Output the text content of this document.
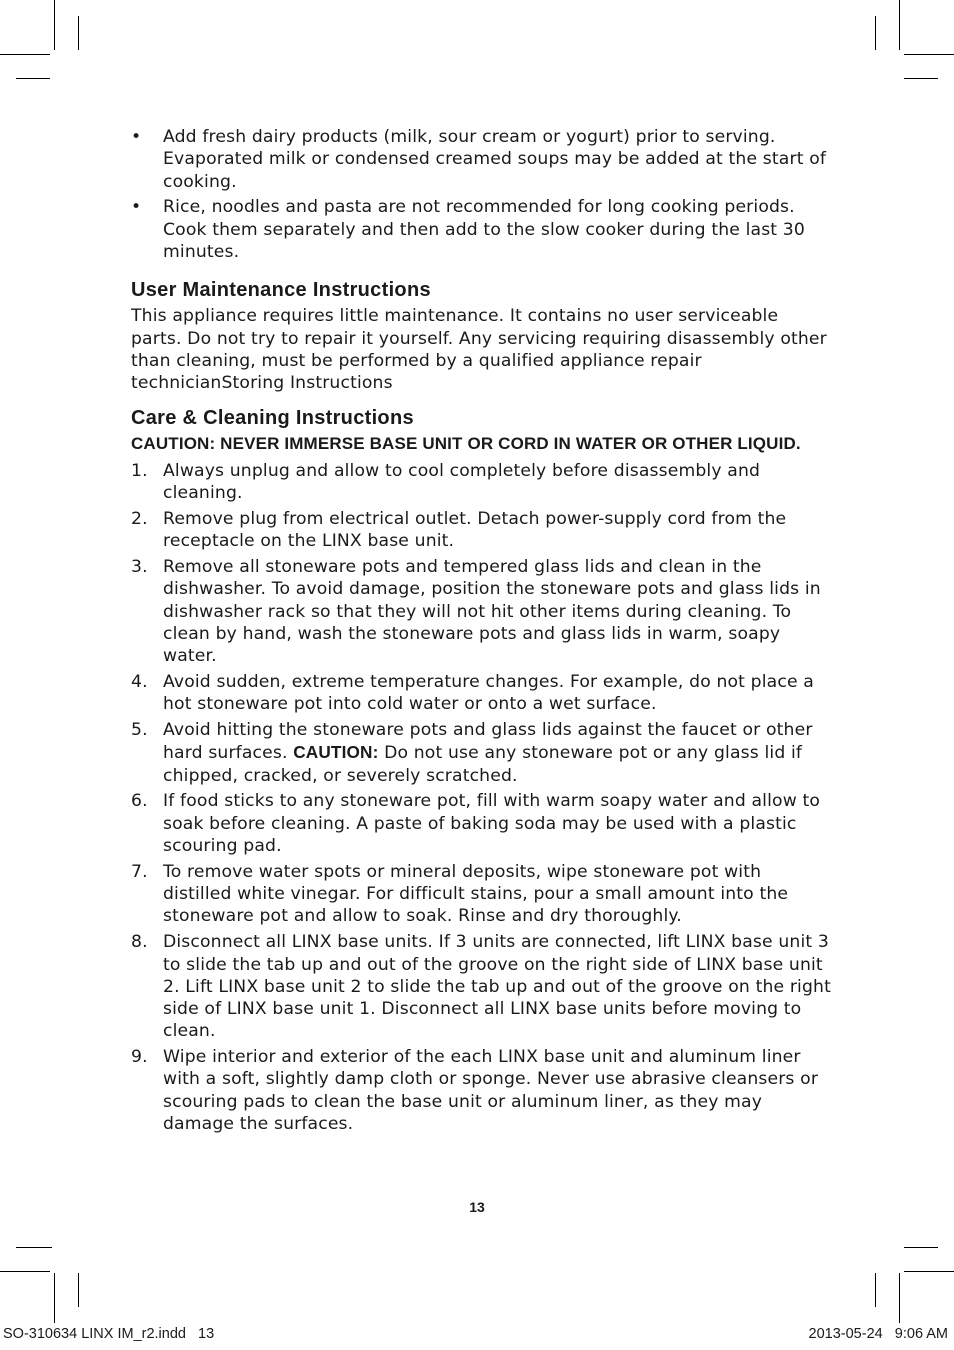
• Add fresh dairy products (milk, sour cream or yogurt) prior to serving. Evaporated milk or condensed creamed soups may be added at the start of cooking.
• Rice, noodles and pasta are not recommended for long cooking periods. Cook them separately and then add to the slow cooker during the last 30 minutes.
User Maintenance Instructions

This appliance requires little maintenance. It contains no user serviceable parts. Do not try to repair it yourself. Any servicing requiring disassembly other than cleaning, must be performed by a qualified appliance repair technicianStoring Instructions

Care & Cleaning Instructions

CAUTION: NEVER IMMERSE BASE UNIT OR CORD IN WATER OR OTHER LIQUID.

1. Always unplug and allow to cool completely before disassembly and cleaning.
2. Remove plug from electrical outlet. Detach power-supply cord from the receptacle on the LINX base unit.
3. Remove all stoneware pots and tempered glass lids and clean in the dishwasher. To avoid damage, position the stoneware pots and glass lids in dishwasher rack so that they will not hit other items during cleaning. To clean by hand, wash the stoneware pots and glass lids in warm, soapy water.
4. Avoid sudden, extreme temperature changes. For example, do not place a hot stoneware pot into cold water or onto a wet surface.
5. Avoid hitting the stoneware pots and glass lids against the faucet or other hard surfaces. CAUTION: Do not use any stoneware pot or any glass lid if chipped, cracked, or severely scratched.
6. If food sticks to any stoneware pot, fill with warm soapy water and allow to soak before cleaning. A paste of baking soda may be used with a plastic scouring pad.
7. To remove water spots or mineral deposits, wipe stoneware pot with distilled white vinegar. For difficult stains, pour a small amount into the stoneware pot and allow to soak. Rinse and dry thoroughly.
8. Disconnect all LINX base units. If 3 units are connected, lift LINX base unit 3 to slide the tab up and out of the groove on the right side of LINX base unit 2. Lift LINX base unit 2 to slide the tab up and out of the groove on the right side of LINX base unit 1. Disconnect all LINX base units before moving to clean.
9. Wipe interior and exterior of the each LINX base unit and aluminum liner with a soft, slightly damp cloth or sponge. Never use abrasive cleansers or scouring pads to clean the base unit or aluminum liner, as they may damage the surfaces.
13
SO-310634 LINX IM_r2.indd   13	2013-05-24   9:06 AM
